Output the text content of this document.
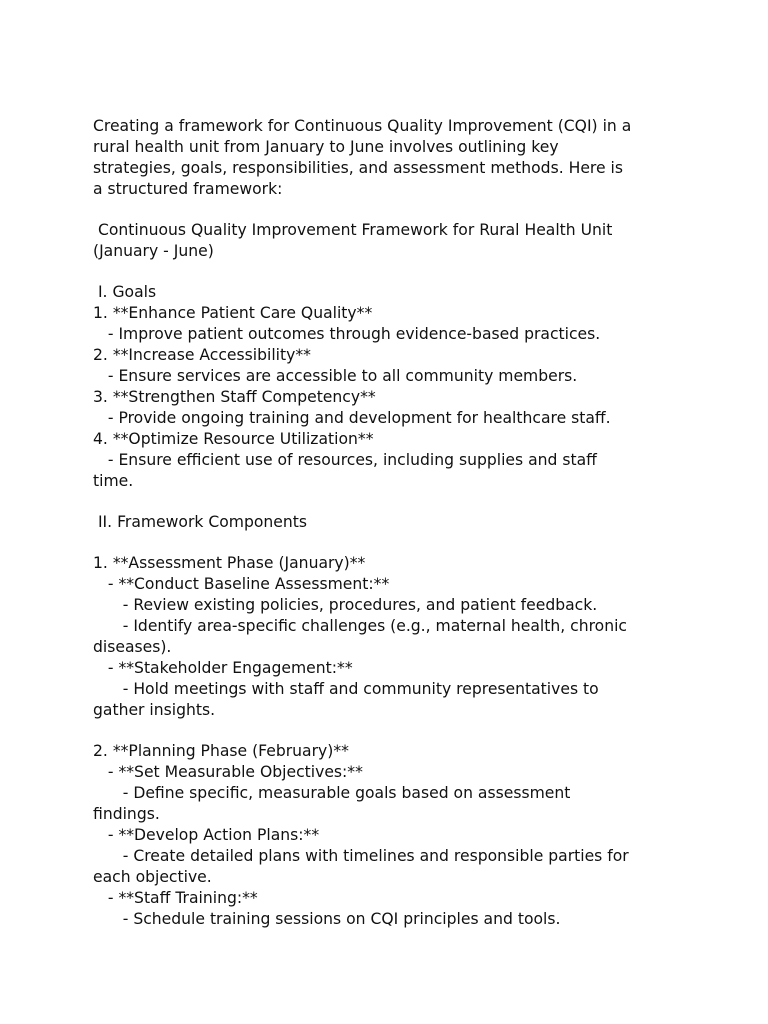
Creating a framework for Continuous Quality Improvement (CQI) in a
rural health unit from January to June involves outlining key
strategies, goals, responsibilities, and assessment methods. Here is
a structured framework:
Continuous Quality Improvement Framework for Rural Health Unit
(January - June)
I. Goals
1. **Enhance Patient Care Quality**
- Improve patient outcomes through evidence-based practices.
2. **Increase Accessibility**
- Ensure services are accessible to all community members.
3. **Strengthen Staff Competency**
- Provide ongoing training and development for healthcare staff.
4. **Optimize Resource Utilization**
- Ensure efficient use of resources, including supplies and staff
time.
II. Framework Components
1. **Assessment Phase (January)**
- **Conduct Baseline Assessment:**
- Review existing policies, procedures, and patient feedback.
- Identify area-specific challenges (e.g., maternal health, chronic
diseases).
- **Stakeholder Engagement:**
- Hold meetings with staff and community representatives to
gather insights.
2. **Planning Phase (February)**
- **Set Measurable Objectives:**
- Define specific, measurable goals based on assessment
findings.
- **Develop Action Plans:**
- Create detailed plans with timelines and responsible parties for
each objective.
- **Staff Training:**
- Schedule training sessions on CQI principles and tools.
